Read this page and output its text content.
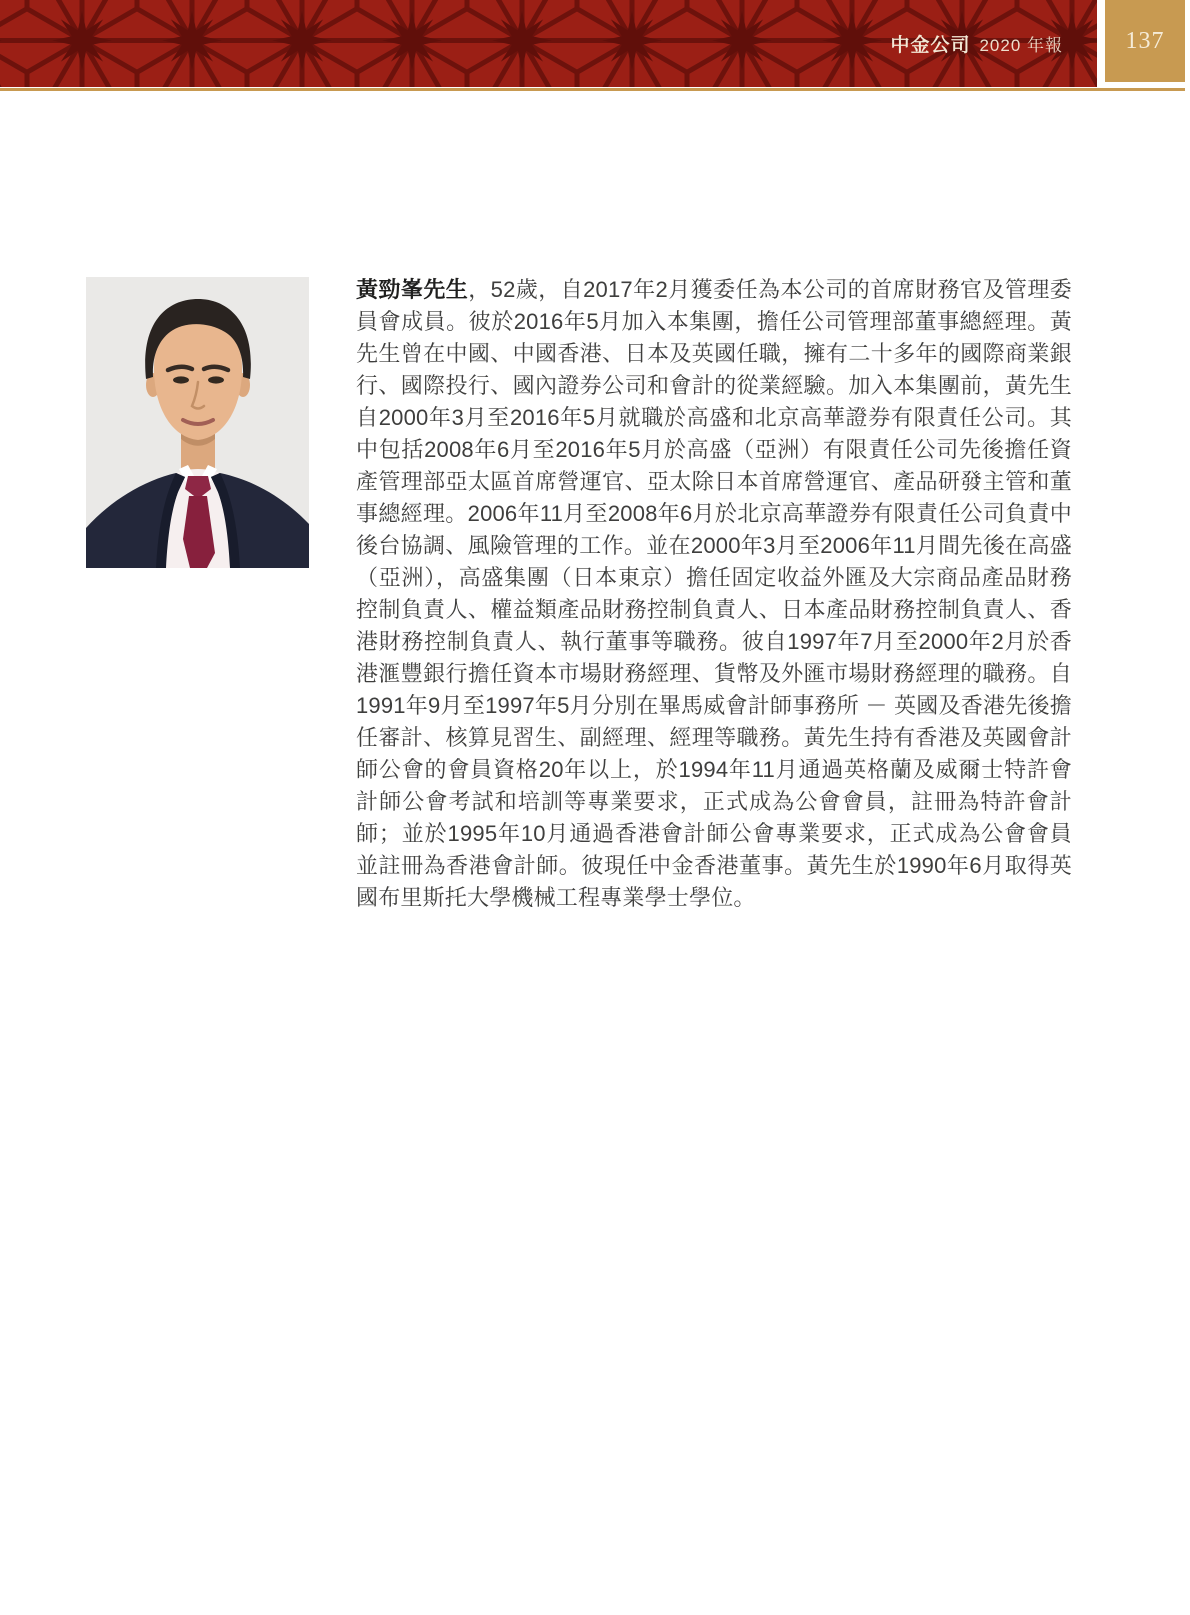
中金公司 2020 年報	137

黃勁峯先生，52歲，自2017年2月獲委任為本公司的首席財務官及管理委員會成員。彼於2016年5月加入本集團，擔任公司管理部董事總經理。黃先生曾在中國、中國香港、日本及英國任職，擁有二十多年的國際商業銀行、國際投行、國內證券公司和會計的從業經驗。加入本集團前，黃先生自2000年3月至2016年5月就職於高盛和北京高華證券有限責任公司。其中包括2008年6月至2016年5月於高盛（亞洲）有限責任公司先後擔任資產管理部亞太區首席營運官、亞太除日本首席營運官、產品研發主管和董事總經理。2006年11月至2008年6月於北京高華證券有限責任公司負責中後台協調、風險管理的工作。並在2000年3月至2006年11月間先後在高盛（亞洲），高盛集團（日本東京）擔任固定收益外匯及大宗商品產品財務控制負責人、權益類產品財務控制負責人、日本產品財務控制負責人、香港財務控制負責人、執行董事等職務。彼自1997年7月至2000年2月於香港滙豐銀行擔任資本市場財務經理、貨幣及外匯市場財務經理的職務。自1991年9月至1997年5月分別在畢馬威會計師事務所 － 英國及香港先後擔任審計、核算見習生、副經理、經理等職務。黃先生持有香港及英國會計師公會的會員資格20年以上，於1994年11月通過英格蘭及威爾士特許會計師公會考試和培訓等專業要求，正式成為公會會員，註冊為特許會計師；並於1995年10月通過香港會計師公會專業要求，正式成為公會會員並註冊為香港會計師。彼現任中金香港董事。黃先生於1990年6月取得英國布里斯托大學機械工程專業學士學位。
